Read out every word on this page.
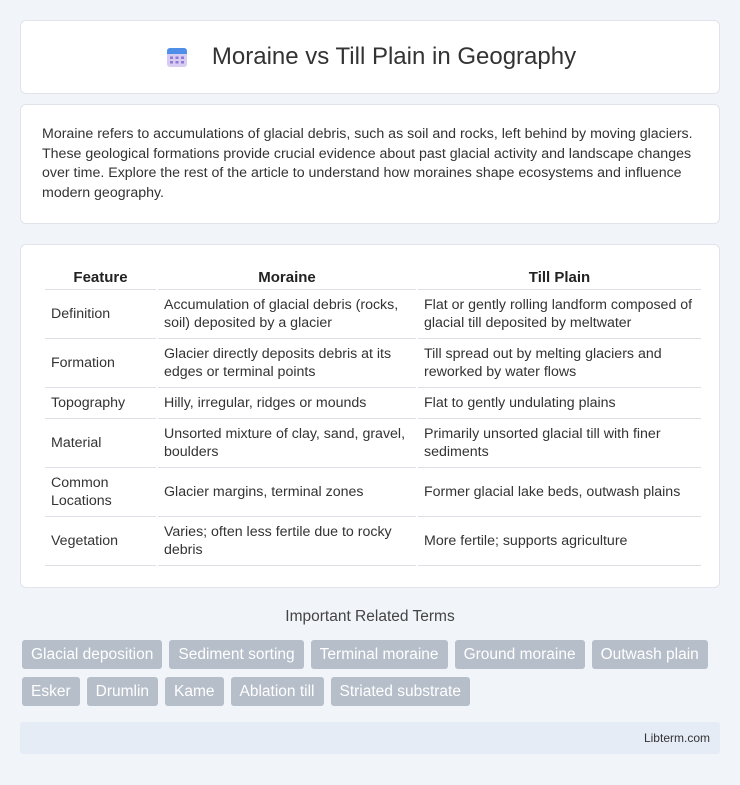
Moraine vs Till Plain in Geography

Moraine refers to accumulations of glacial debris, such as soil and rocks, left behind by moving glaciers. These geological formations provide crucial evidence about past glacial activity and landscape changes over time. Explore the rest of the article to understand how moraines shape ecosystems and influence modern geography.

Feature	Moraine	Till Plain
Definition	Accumulation of glacial debris (rocks, soil) deposited by a glacier	Flat or gently rolling landform composed of glacial till deposited by meltwater
Formation	Glacier directly deposits debris at its edges or terminal points	Till spread out by melting glaciers and reworked by water flows
Topography	Hilly, irregular, ridges or mounds	Flat to gently undulating plains
Material	Unsorted mixture of clay, sand, gravel, boulders	Primarily unsorted glacial till with finer sediments
Common Locations	Glacier margins, terminal zones	Former glacial lake beds, outwash plains
Vegetation	Varies; often less fertile due to rocky debris	More fertile; supports agriculture
Important Related Terms
Glacial deposition	Sediment sorting	Terminal moraine	Ground moraine	Outwash plain
Esker	Drumlin	Kame	Ablation till	Striated substrate
Libterm.com
